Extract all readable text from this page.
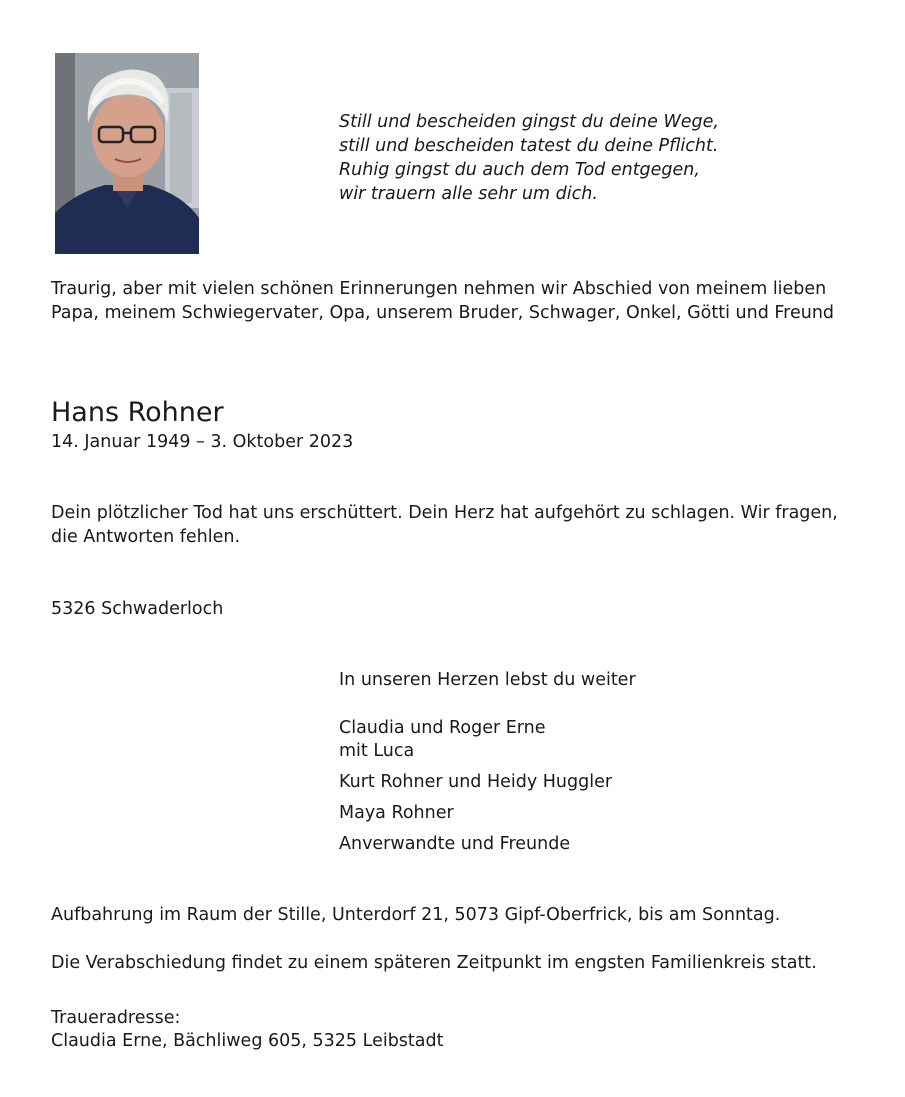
Still und bescheiden gingst du deine Wege,
still und bescheiden tatest du deine Pflicht.
Ruhig gingst du auch dem Tod entgegen,
wir trauern alle sehr um dich.
Traurig, aber mit vielen schönen Erinnerungen nehmen wir Abschied von meinem lieben Papa, meinem Schwiegervater, Opa, unserem Bruder, Schwager, Onkel, Götti und Freund
Hans Rohner
14. Januar 1949 – 3. Oktober 2023
Dein plötzlicher Tod hat uns erschüttert. Dein Herz hat aufgehört zu schlagen. Wir fragen, die Antworten fehlen.
5326 Schwaderloch
In unseren Herzen lebst du weiter
Claudia und Roger Erne
mit Luca
Kurt Rohner und Heidy Huggler
Maya Rohner
Anverwandte und Freunde
Aufbahrung im Raum der Stille, Unterdorf 21, 5073 Gipf-Oberfrick, bis am Sonntag.
Die Verabschiedung findet zu einem späteren Zeitpunkt im engsten Familienkreis statt.
Traueradresse:
Claudia Erne, Bächliweg 605, 5325 Leibstadt
